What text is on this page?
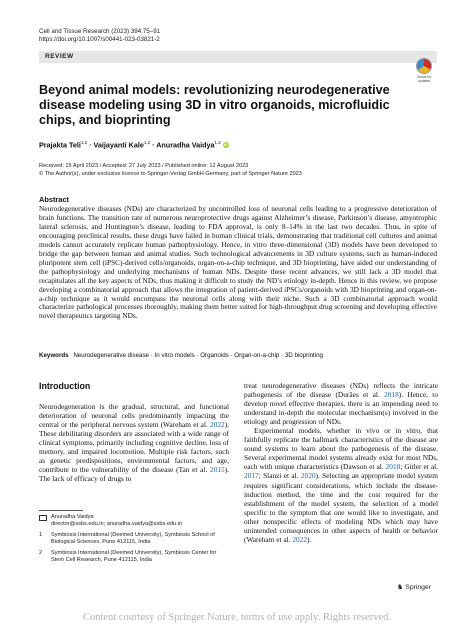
Cell and Tissue Research (2023) 394:75–91
https://doi.org/10.1007/s00441-023-03821-2
REVIEW
Check for
updates
Beyond animal models: revolutionizing neurodegenerative disease modeling using 3D in vitro organoids, microfluidic chips, and bioprinting
Prajakta Teli$^{1,2}$ · Vaijayanti Kale$^{1,2}$ · Anuradha Vaidya$^{1,2}$ iD
Received: 15 April 2023 / Accepted: 27 July 2023 / Published online: 12 August 2023
© The Author(s), under exclusive licence to Springer-Verlag GmbH Germany, part of Springer Nature 2023
Abstract
Neurodegenerative diseases (NDs) are characterized by uncontrolled loss of neuronal cells leading to a progressive deterioration of brain functions. The transition rate of numerous neuroprotective drugs against Alzheimer’s disease, Parkinson’s disease, amyotrophic lateral sclerosis, and Huntington’s disease, leading to FDA approval, is only 8–14% in the last two decades. Thus, in spite of encouraging preclinical results, these drugs have failed in human clinical trials, demonstrating that traditional cell cultures and animal models cannot accurately replicate human pathophysiology. Hence, in vitro three-dimensional (3D) models have been developed to bridge the gap between human and animal studies. Such technological advancements in 3D culture systems, such as human-induced pluripotent stem cell (iPSC)-derived cells/organoids, organ-on-a-chip technique, and 3D bioprinting, have aided our understanding of the pathophysiology and underlying mechanisms of human NDs. Despite these recent advances, we still lack a 3D model that recapitulates all the key aspects of NDs, thus making it difficult to study the ND’s etiology in-depth. Hence in this review, we propose developing a combinatorial approach that allows the integration of patient-derived iPSCs/organoids with 3D bioprinting and organ-on-a-chip technique as it would encompass the neuronal cells along with their niche. Such a 3D combinatorial approach would characterize pathological processes thoroughly, making them better suited for high-throughput drug screening and developing effective novel therapeutics targeting NDs.
Keywords Neurodegenerative disease · In vitro models · Organoids · Organ-on-a-chip · 3D bioprinting
Introduction

Neurodegeneration is the gradual, structural, and functional deterioration of neuronal cells predominantly impacting the central or the peripheral nervous system (Wareham et al. 2022). These debilitating disorders are associated with a wide range of clinical symptoms, primarily including cognitive decline, loss of memory, and impaired locomotion. Multiple risk factors, such as genetic predispositions, environmental factors, and age, contribute to the vulnerability of the disease (Tan et al. 2015). The lack of efficacy of drugs to

treat neurodegenerative diseases (NDs) reflects the intricate pathogenesis of the disease (Durães et al. 2018). Hence, to develop novel effective therapies, there is an impending need to understand in-depth the molecular mechanism(s) involved in the etiology and progression of NDs.

Experimental models, whether in vivo or in vitro, that faithfully replicate the hallmark characteristics of the disease are sound systems to learn about the pathogenesis of the disease. Several experimental model systems already exist for most NDs, each with unique characteristics (Dawson et al. 2018; Gitler et al. 2017; Slanzi et al. 2020). Selecting an appropriate model system requires significant considerations, which include the disease-induction method, the time and the cost required for the establishment of the model system, the selection of a model specific to the symptom that one would like to investigate, and other nonspecific effects of modeling NDs which may have unintended consequences in other aspects of health or behavior (Wareham et al. 2022).

Anuradha Vaidya
director@ssbs.edu.in; anuradha.vaidya@ssbs.edu.in
1	Symbiosis International (Deemed University), Symbiosis School of Biological Sciences, Pune 412115, India
2	Symbiosis International (Deemed University), Symbiosis Center for Stem Cell Research, Pune 412115, India
♞ Springer
Content courtesy of Springer Nature, terms of use apply. Rights reserved.
